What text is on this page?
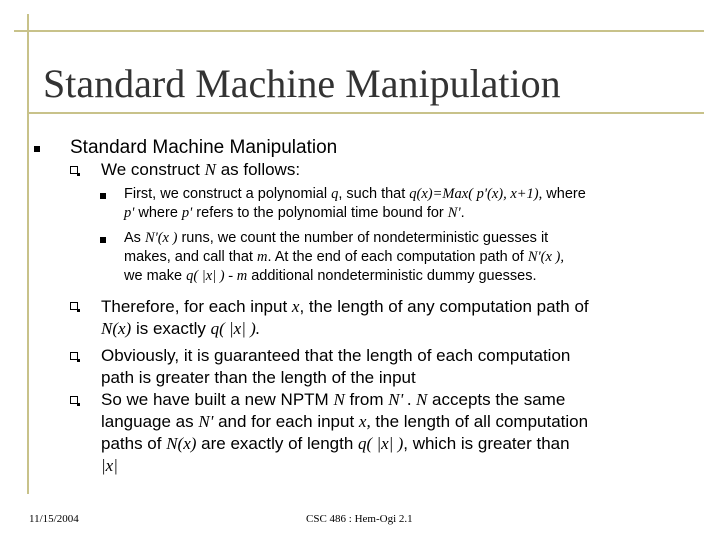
Standard Machine Manipulation
Standard Machine Manipulation
We construct N as follows:
First, we construct a polynomial q, such that q(x)=Max( p'(x), x+1), where
p' where p' refers to the polynomial time bound for N'.
As N'(x ) runs, we count the number of nondeterministic guesses it
makes, and call that m. At the end of each computation path of N'(x ),
we make q( |x| ) - m additional nondeterministic dummy guesses.
Therefore, for each input x, the length of any computation path of
N(x) is exactly q( |x| ).
Obviously, it is guaranteed that the length of each computation
path is greater than the length of the input
So we have built a new NPTM N from N' . N accepts the same
language as N' and for each input x, the length of all computation
paths of N(x) are exactly of length q( |x| ), which is greater than
|x|
11/15/2004	CSC 486 : Hem-Ogi 2.1
